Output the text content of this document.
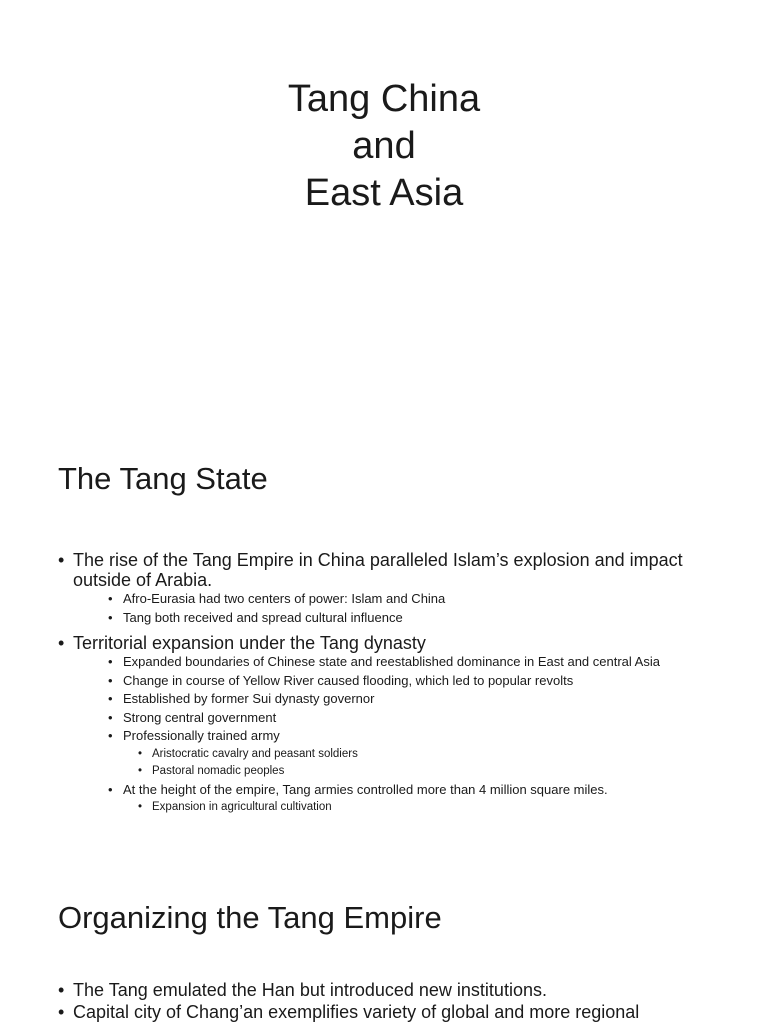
Tang China
and
East Asia
The Tang State
• The rise of the Tang Empire in China paralleled Islam’s explosion and impact outside of Arabia.
• Afro-Eurasia had two centers of power: Islam and China
• Tang both received and spread cultural influence
• Territorial expansion under the Tang dynasty
• Expanded boundaries of Chinese state and reestablished dominance in East and central Asia
• Change in course of Yellow River caused flooding, which led to popular revolts
• Established by former Sui dynasty governor
• Strong central government
• Professionally trained army
• Aristocratic cavalry and peasant soldiers
• Pastoral nomadic peoples
• At the height of the empire, Tang armies controlled more than 4 million square miles.
• Expansion in agricultural cultivation
Organizing the Tang Empire
• The Tang emulated the Han but introduced new institutions.
• Capital city of Chang’an exemplifies variety of global and more regional
